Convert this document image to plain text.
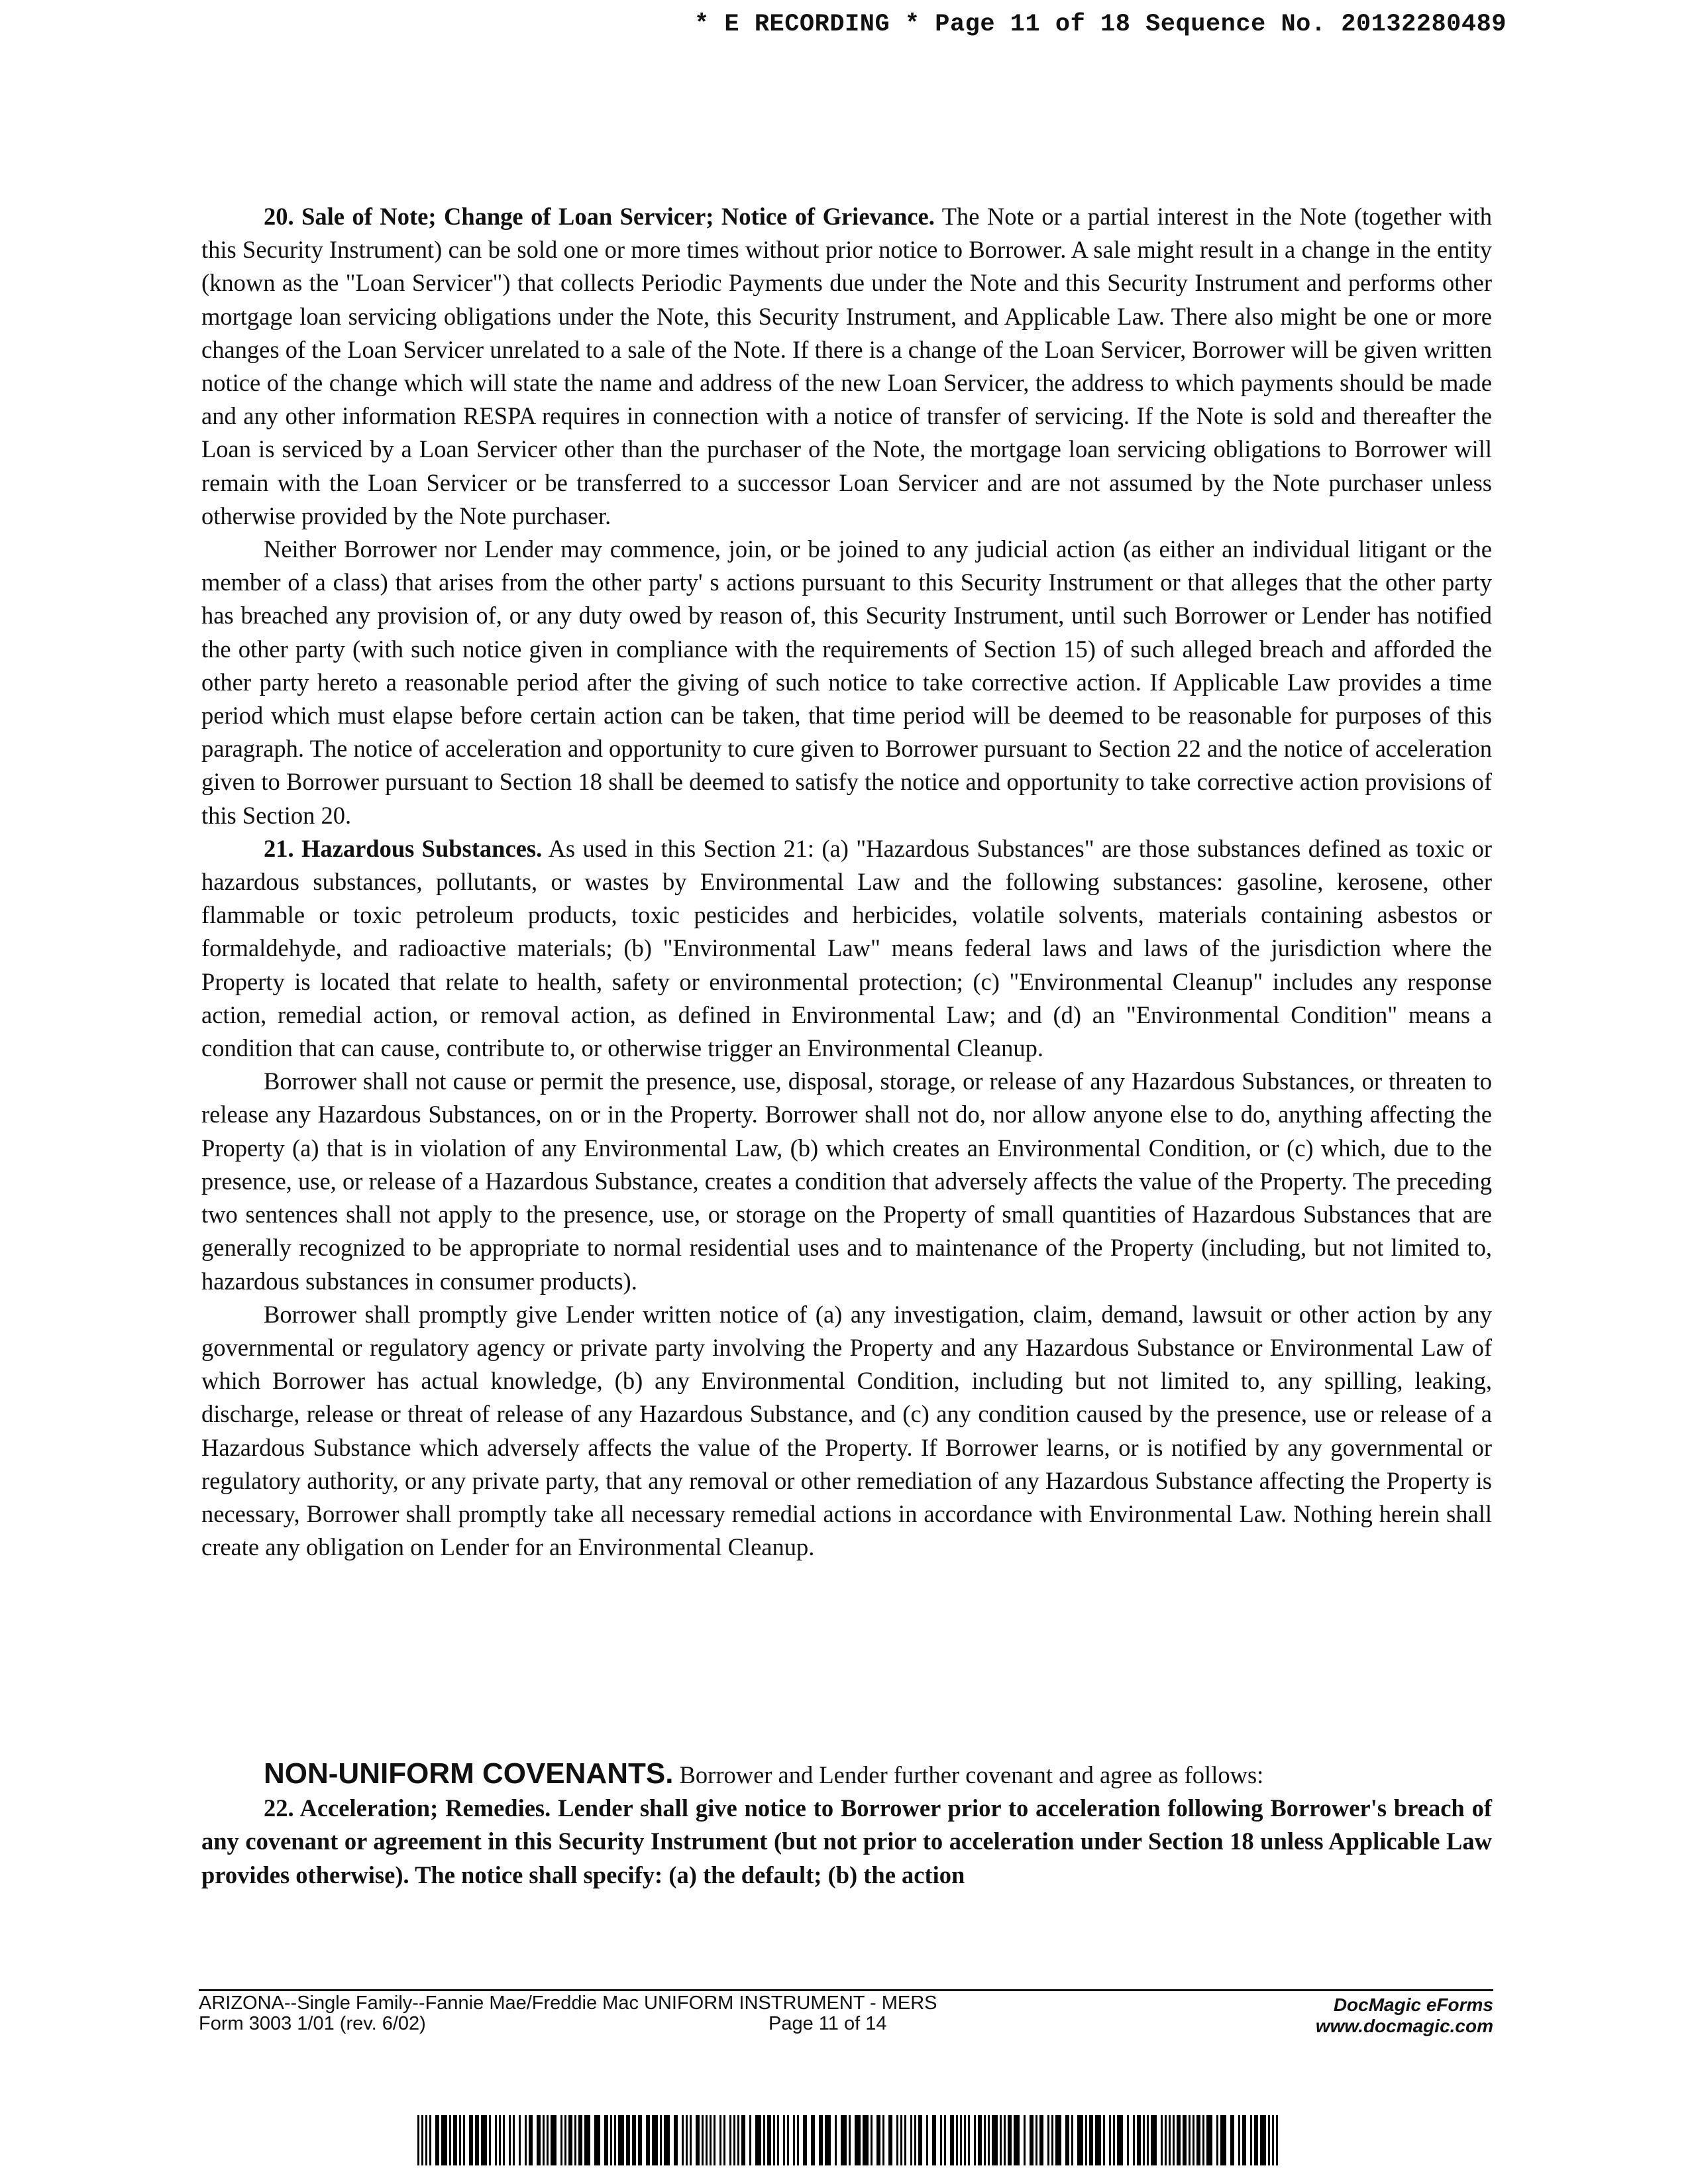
* E RECORDING * Page 11 of 18 Sequence No. 20132280489

20. Sale of Note; Change of Loan Servicer; Notice of Grievance. The Note or a partial interest in the Note (together with this Security Instrument) can be sold one or more times without prior notice to Borrower. A sale might result in a change in the entity (known as the "Loan Servicer") that collects Periodic Payments due under the Note and this Security Instrument and performs other mortgage loan servicing obligations under the Note, this Security Instrument, and Applicable Law. There also might be one or more changes of the Loan Servicer unrelated to a sale of the Note. If there is a change of the Loan Servicer, Borrower will be given written notice of the change which will state the name and address of the new Loan Servicer, the address to which payments should be made and any other information RESPA requires in connection with a notice of transfer of servicing. If the Note is sold and thereafter the Loan is serviced by a Loan Servicer other than the purchaser of the Note, the mortgage loan servicing obligations to Borrower will remain with the Loan Servicer or be transferred to a successor Loan Servicer and are not assumed by the Note purchaser unless otherwise provided by the Note purchaser.

Neither Borrower nor Lender may commence, join, or be joined to any judicial action (as either an individual litigant or the member of a class) that arises from the other party' s actions pursuant to this Security Instrument or that alleges that the other party has breached any provision of, or any duty owed by reason of, this Security Instrument, until such Borrower or Lender has notified the other party (with such notice given in compliance with the requirements of Section 15) of such alleged breach and afforded the other party hereto a reasonable period after the giving of such notice to take corrective action. If Applicable Law provides a time period which must elapse before certain action can be taken, that time period will be deemed to be reasonable for purposes of this paragraph. The notice of acceleration and opportunity to cure given to Borrower pursuant to Section 22 and the notice of acceleration given to Borrower pursuant to Section 18 shall be deemed to satisfy the notice and opportunity to take corrective action provisions of this Section 20.

21. Hazardous Substances. As used in this Section 21: (a) "Hazardous Substances" are those substances defined as toxic or hazardous substances, pollutants, or wastes by Environmental Law and the following substances: gasoline, kerosene, other flammable or toxic petroleum products, toxic pesticides and herbicides, volatile solvents, materials containing asbestos or formaldehyde, and radioactive materials; (b) "Environmental Law" means federal laws and laws of the jurisdiction where the Property is located that relate to health, safety or environmental protection; (c) "Environmental Cleanup" includes any response action, remedial action, or removal action, as defined in Environmental Law; and (d) an "Environmental Condition" means a condition that can cause, contribute to, or otherwise trigger an Environmental Cleanup.

Borrower shall not cause or permit the presence, use, disposal, storage, or release of any Hazardous Substances, or threaten to release any Hazardous Substances, on or in the Property. Borrower shall not do, nor allow anyone else to do, anything affecting the Property (a) that is in violation of any Environmental Law, (b) which creates an Environmental Condition, or (c) which, due to the presence, use, or release of a Hazardous Substance, creates a condition that adversely affects the value of the Property. The preceding two sentences shall not apply to the presence, use, or storage on the Property of small quantities of Hazardous Substances that are generally recognized to be appropriate to normal residential uses and to maintenance of the Property (including, but not limited to, hazardous substances in consumer products).

Borrower shall promptly give Lender written notice of (a) any investigation, claim, demand, lawsuit or other action by any governmental or regulatory agency or private party involving the Property and any Hazardous Substance or Environmental Law of which Borrower has actual knowledge, (b) any Environmental Condition, including but not limited to, any spilling, leaking, discharge, release or threat of release of any Hazardous Substance, and (c) any condition caused by the presence, use or release of a Hazardous Substance which adversely affects the value of the Property. If Borrower learns, or is notified by any governmental or regulatory authority, or any private party, that any removal or other remediation of any Hazardous Substance affecting the Property is necessary, Borrower shall promptly take all necessary remedial actions in accordance with Environmental Law. Nothing herein shall create any obligation on Lender for an Environmental Cleanup.

NON-UNIFORM COVENANTS. Borrower and Lender further covenant and agree as follows:

22. Acceleration; Remedies. Lender shall give notice to Borrower prior to acceleration following Borrower's breach of any covenant or agreement in this Security Instrument (but not prior to acceleration under Section 18 unless Applicable Law provides otherwise). The notice shall specify: (a) the default; (b) the action

ARIZONA--Single Family--Fannie Mae/Freddie Mac UNIFORM INSTRUMENT - MERS
Form 3003 1/01 (rev. 6/02)	Page 11 of 14
DocMagic eForms
www.docmagic.com
